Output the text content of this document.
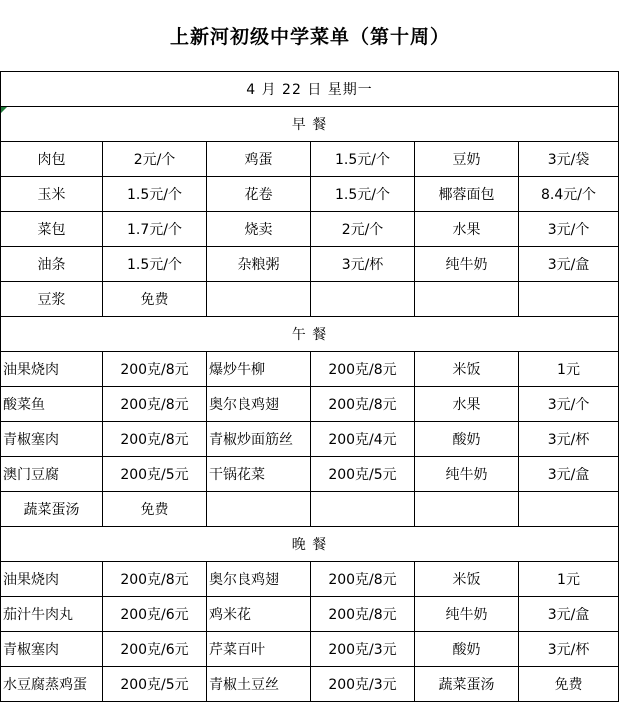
上新河初级中学菜单（第十周）
4 月 22 日 星期一					
早 餐					
肉包	2元/个	鸡蛋	1.5元/个	豆奶	3元/袋
玉米	1.5元/个	花卷	1.5元/个	椰蓉面包	8.4元/个
菜包	1.7元/个	烧卖	2元/个	水果	3元/个
油条	1.5元/个	杂粮粥	3元/杯	纯牛奶	3元/盒
豆浆	免费				
午 餐					
油果烧肉	200克/8元	爆炒牛柳	200克/8元	米饭	1元
酸菜鱼	200克/8元	奥尔良鸡翅	200克/8元	水果	3元/个
青椒塞肉	200克/8元	青椒炒面筋丝	200克/4元	酸奶	3元/杯
澳门豆腐	200克/5元	干锅花菜	200克/5元	纯牛奶	3元/盒
蔬菜蛋汤	免费				
晚 餐					
油果烧肉	200克/8元	奥尔良鸡翅	200克/8元	米饭	1元
茄汁牛肉丸	200克/6元	鸡米花	200克/8元	纯牛奶	3元/盒
青椒塞肉	200克/6元	芹菜百叶	200克/3元	酸奶	3元/杯
水豆腐蒸鸡蛋	200克/5元	青椒土豆丝	200克/3元	蔬菜蛋汤	免费
